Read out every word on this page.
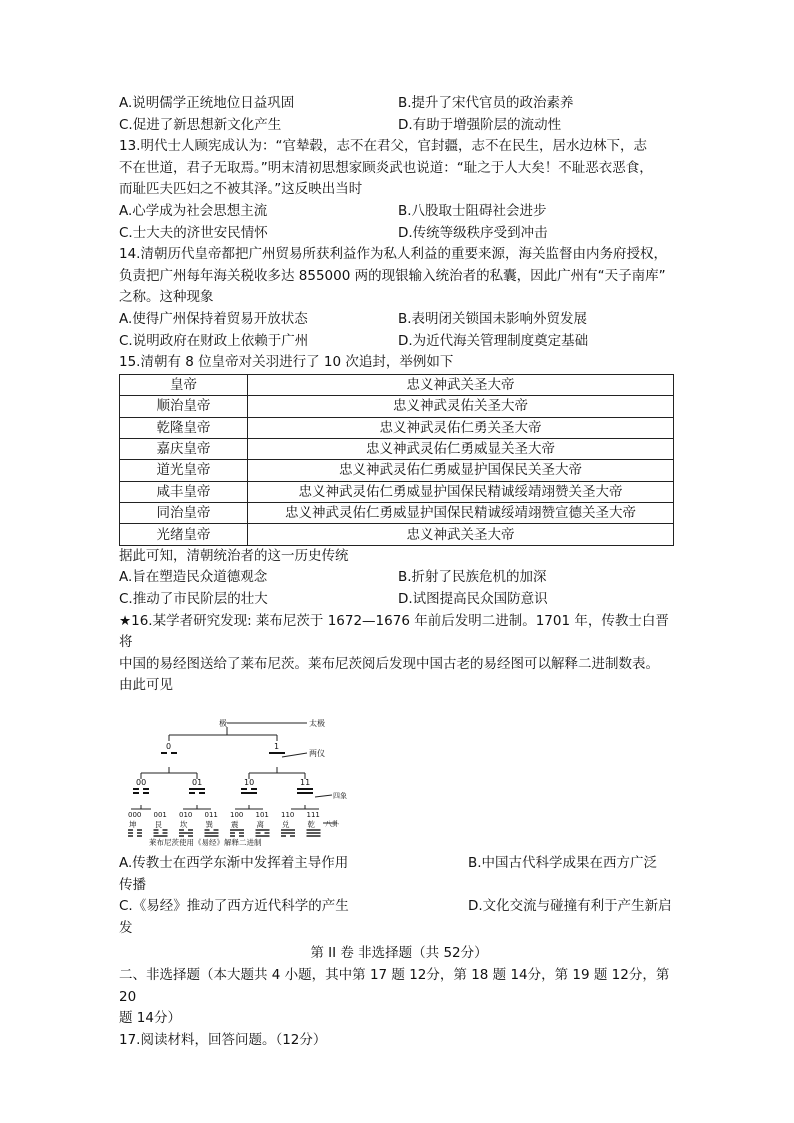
A.说明儒学正统地位日益巩固	B.提升了宋代官员的政治素养
C.促进了新思想新文化产生	D.有助于增强阶层的流动性

13.明代士人顾宪成认为：“官辇毂，志不在君父，官封疆，志不在民生，居水边林下，志

不在世道，君子无取焉。”明末清初思想家顾炎武也说道：“耻之于人大矣！不耻恶衣恶食，

而耻匹夫匹妇之不被其泽。”这反映出当时

A.心学成为社会思想主流	B.八股取士阻碍社会进步
C.士大夫的济世安民情怀	D.传统等级秩序受到冲击

14.清朝历代皇帝都把广州贸易所获利益作为私人利益的重要来源，海关监督由内务府授权，

负责把广州每年海关税收多达 855000 两的现银输入统治者的私囊，因此广州有“天子南库”

之称。这种现象

A.使得广州保持着贸易开放状态	B.表明闭关锁国未影响外贸发展
C.说明政府在财政上依赖于广州	D.为近代海关管理制度奠定基础

15.清朝有 8 位皇帝对关羽进行了 10 次追封，举例如下

皇帝	忠义神武关圣大帝
顺治皇帝	忠义神武灵佑关圣大帝
乾隆皇帝	忠义神武灵佑仁勇关圣大帝
嘉庆皇帝	忠义神武灵佑仁勇威显关圣大帝
道光皇帝	忠义神武灵佑仁勇威显护国保民关圣大帝
咸丰皇帝	忠义神武灵佑仁勇威显护国保民精诚绥靖翊赞关圣大帝
同治皇帝	忠义神武灵佑仁勇威显护国保民精诚绥靖翊赞宣德关圣大帝
光绪皇帝	忠义神武关圣大帝

据此可知，清朝统治者的这一历史传统

A.旨在塑造民众道德观念	B.折射了民族危机的加深
C.推动了市民阶层的壮大	D.试图提高民众国防意识

★16.某学者研究发现: 莱布尼茨于 1672—1676 年前后发明二进制。1701 年，传教士白晋将

中国的易经图送给了莱布尼茨。莱布尼茨阅后发现中国古老的易经图可以解释二进制数表。

由此可见

极	太极
两仪
四象
八卦
0	1
00	01	10	11
000 001 010 011 100 101 110 111
坤 艮 坎 巽 震 离 兑 乾
莱布尼茨使用《易经》解释二进制
A.传教士在西学东渐中发挥着主导作用	B.中国古代科学成果在西方广泛

传播

C.《易经》推动了西方近代科学的产生	D.文化交流与碰撞有利于产生新启

发

第 II 卷 非选择题（共 52分）

二、非选择题（本大题共 4 小题，其中第 17 题 12分，第 18 题 14分，第 19 题 12分，第 20

题 14分）

17.阅读材料，回答问题。（12分）
